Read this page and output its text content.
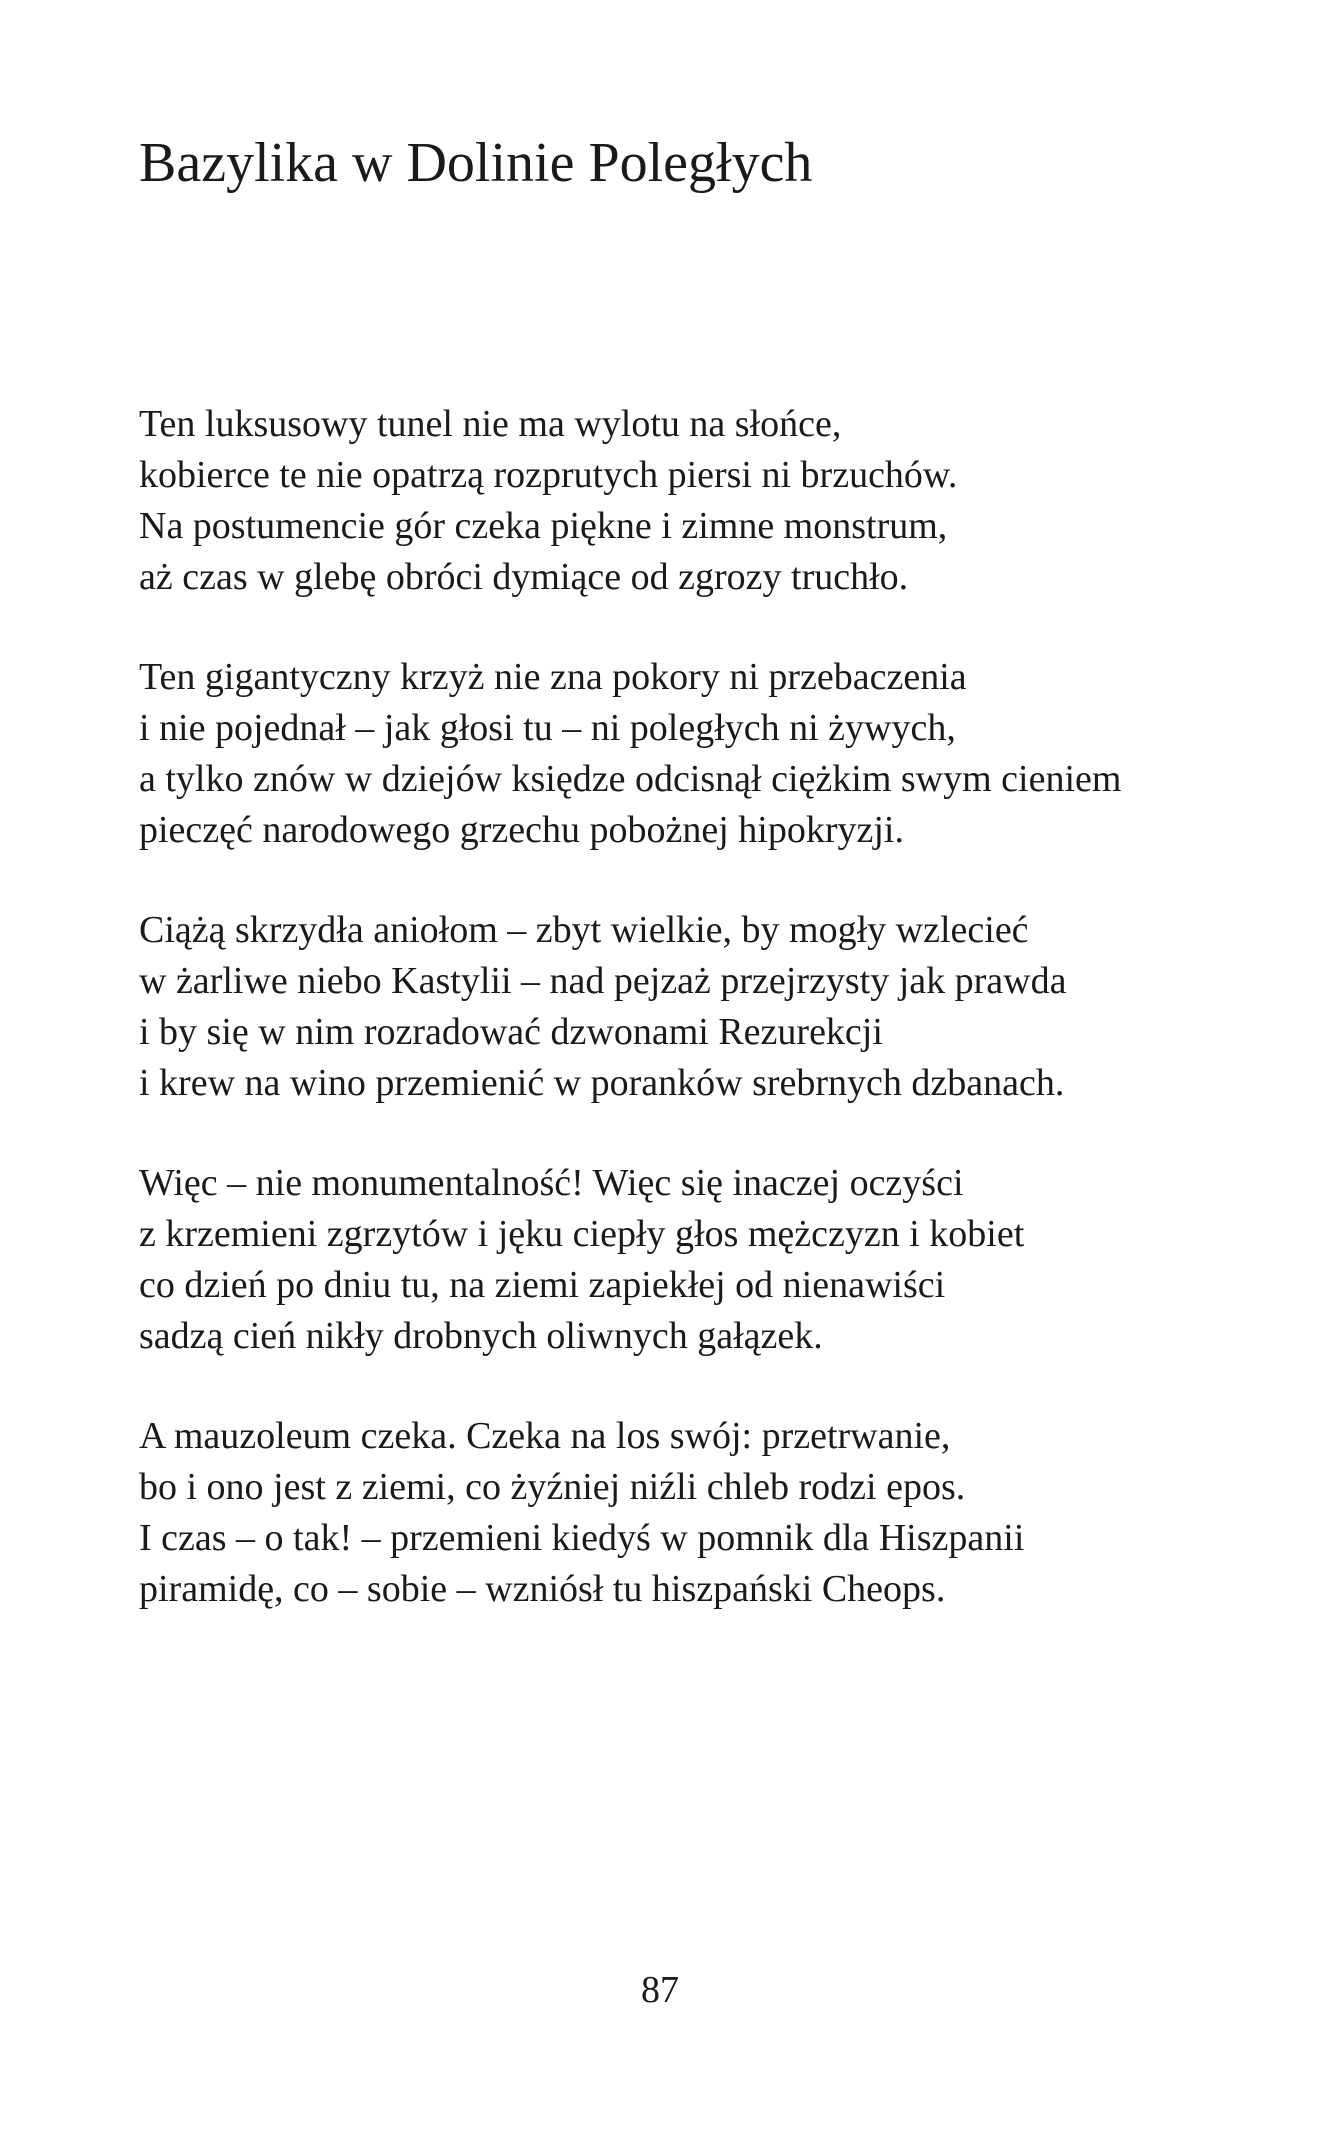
Bazylika w Dolinie Poległych
Ten luksusowy tunel nie ma wylotu na słońce,
kobierce te nie opatrzą rozprutych piersi ni brzuchów.
Na postumencie gór czeka piękne i zimne monstrum,
aż czas w glebę obróci dymiące od zgrozy truchło.
Ten gigantyczny krzyż nie zna pokory ni przebaczenia
i nie pojednał – jak głosi tu – ni poległych ni żywych,
a tylko znów w dziejów księdze odcisnął ciężkim swym cieniem
pieczęć narodowego grzechu pobożnej hipokryzji.
Ciążą skrzydła aniołom – zbyt wielkie, by mogły wzlecieć
w żarliwe niebo Kastylii – nad pejzaż przejrzysty jak prawda
i by się w nim rozradować dzwonami Rezurekcji
i krew na wino przemienić w poranków srebrnych dzbanach.
Więc – nie monumentalność! Więc się inaczej oczyści
z krzemieni zgrzytów i jęku ciepły głos mężczyzn i kobiet
co dzień po dniu tu, na ziemi zapiekłej od nienawiści
sadzą cień nikły drobnych oliwnych gałązek.
A mauzoleum czeka. Czeka na los swój: przetrwanie,
bo i ono jest z ziemi, co żyźniej niźli chleb rodzi epos.
I czas – o tak! – przemieni kiedyś w pomnik dla Hiszpanii
piramidę, co – sobie – wzniósł tu hiszpański Cheops.
87
